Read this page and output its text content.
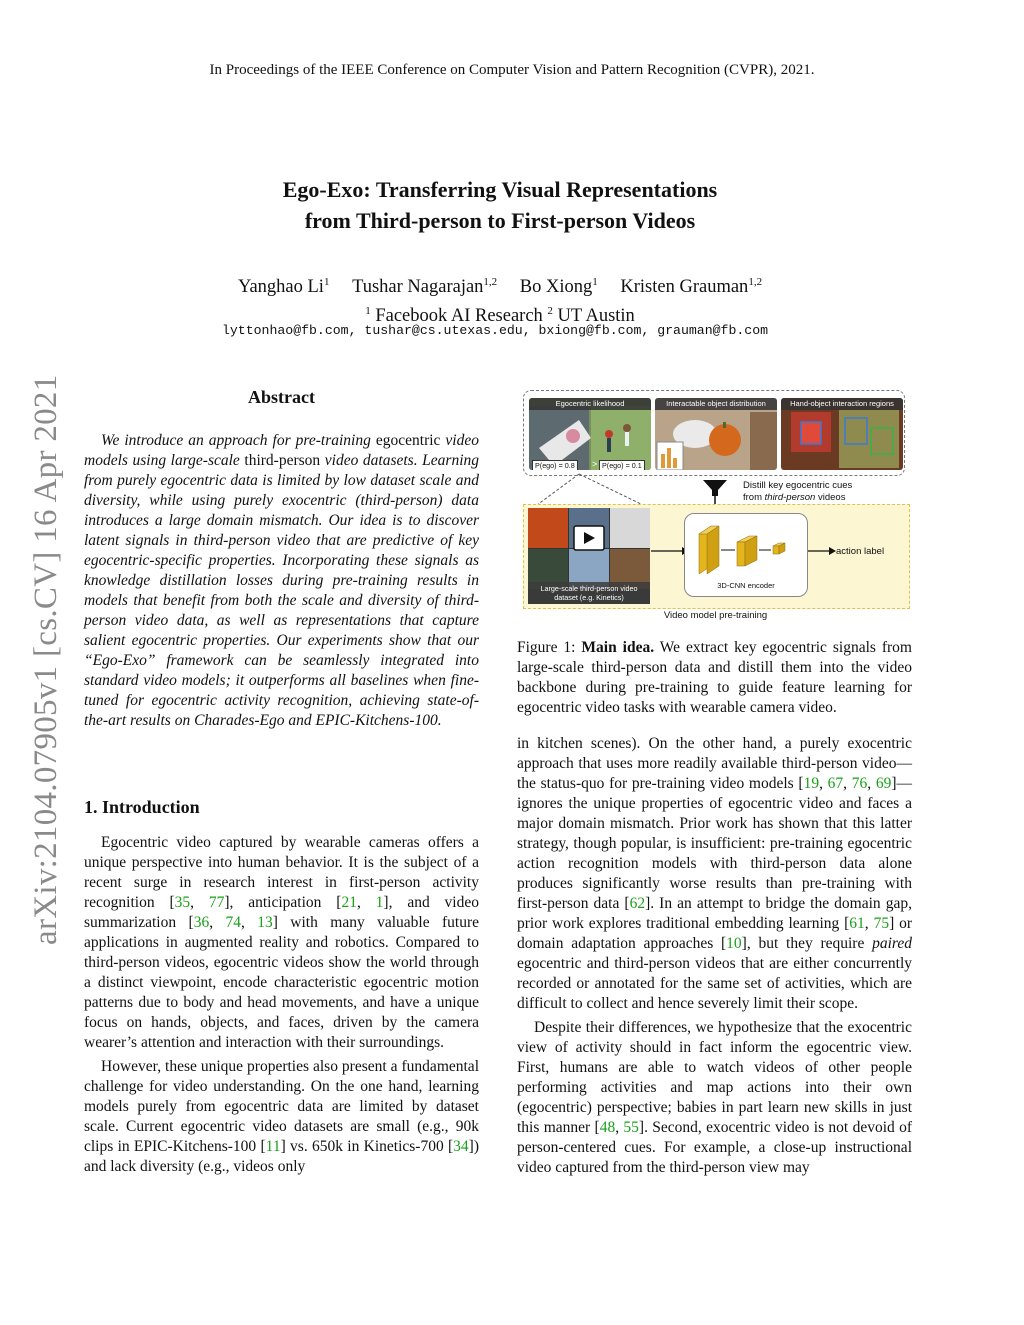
In Proceedings of the IEEE Conference on Computer Vision and Pattern Recognition (CVPR), 2021.
Ego-Exo: Transferring Visual Representations
from Third-person to First-person Videos
Yanghao Li$^1$ Tushar Nagarajan$^{1,2}$ Bo Xiong$^1$ Kristen Grauman$^{1,2}$
$^1$ Facebook AI Research $^2$ UT Austin
lyttonhao@fb.com, tushar@cs.utexas.edu, bxiong@fb.com, grauman@fb.com
arXiv:2104.07905v1 [cs.CV] 16 Apr 2021	Abstract

We introduce an approach for pre-training egocentric video models using large-scale third-person video datasets. Learning from purely egocentric data is limited by low dataset scale and diversity, while using purely exocentric (third-person) data introduces a large domain mismatch. Our idea is to discover latent signals in third-person video that are predictive of key egocentric-specific properties. Incorporating these signals as knowledge distillation losses during pre-training results in models that benefit from both the scale and diversity of third-person video data, as well as representations that capture salient egocentric properties. Our experiments show that our “Ego-Exo” framework can be seamlessly integrated into standard video models; it outperforms all baselines when fine-tuned for egocentric activity recognition, achieving state-of-the-art results on Charades-Ego and EPIC-Kitchens-100.

1. Introduction

Egocentric video captured by wearable cameras offers a unique perspective into human behavior. It is the subject of a recent surge in research interest in first-person activity recognition [35, 77], anticipation [21, 1], and video summarization [36, 74, 13] with many valuable future applications in augmented reality and robotics. Compared to third-person videos, egocentric videos show the world through a distinct viewpoint, encode characteristic egocentric motion patterns due to body and head movements, and have a unique focus on hands, objects, and faces, driven by the camera wearer’s attention and interaction with their surroundings.

However, these unique properties also present a fundamental challenge for video understanding. On the one hand, learning models purely from egocentric data are limited by dataset scale. Current egocentric video datasets are small (e.g., 90k clips in EPIC-Kitchens-100 [11] vs. 650k in Kinetics-700 [34]) and lack diversity (e.g., videos only

Egocentric likelihood
P(ego) = 0.8	> P(ego) = 0.1
Interactable object distribution	Hand-object interaction regions
Distill key egocentric cues
from third-person videos
Large-scale third-person video
dataset (e.g. Kinetics)
3D-CNN encoder
action label
Video model pre-training
Figure 1: Main idea. We extract key egocentric signals from large-scale third-person data and distill them into the video backbone during pre-training to guide feature learning for egocentric video tasks with wearable camera video.

in kitchen scenes). On the other hand, a purely exocentric approach that uses more readily available third-person video—the status-quo for pre-training video models [19, 67, 76, 69]—ignores the unique properties of egocentric video and faces a major domain mismatch. Prior work has shown that this latter strategy, though popular, is insufficient: pre-training egocentric action recognition models with third-person data alone produces significantly worse results than pre-training with first-person data [62]. In an attempt to bridge the domain gap, prior work explores traditional embedding learning [61, 75] or domain adaptation approaches [10], but they require paired egocentric and third-person videos that are either concurrently recorded or annotated for the same set of activities, which are difficult to collect and hence severely limit their scope.

Despite their differences, we hypothesize that the exocentric view of activity should in fact inform the egocentric view. First, humans are able to watch videos of other people performing activities and map actions into their own (egocentric) perspective; babies in part learn new skills in just this manner [48, 55]. Second, exocentric video is not devoid of person-centered cues. For example, a close-up instructional video captured from the third-person view may
